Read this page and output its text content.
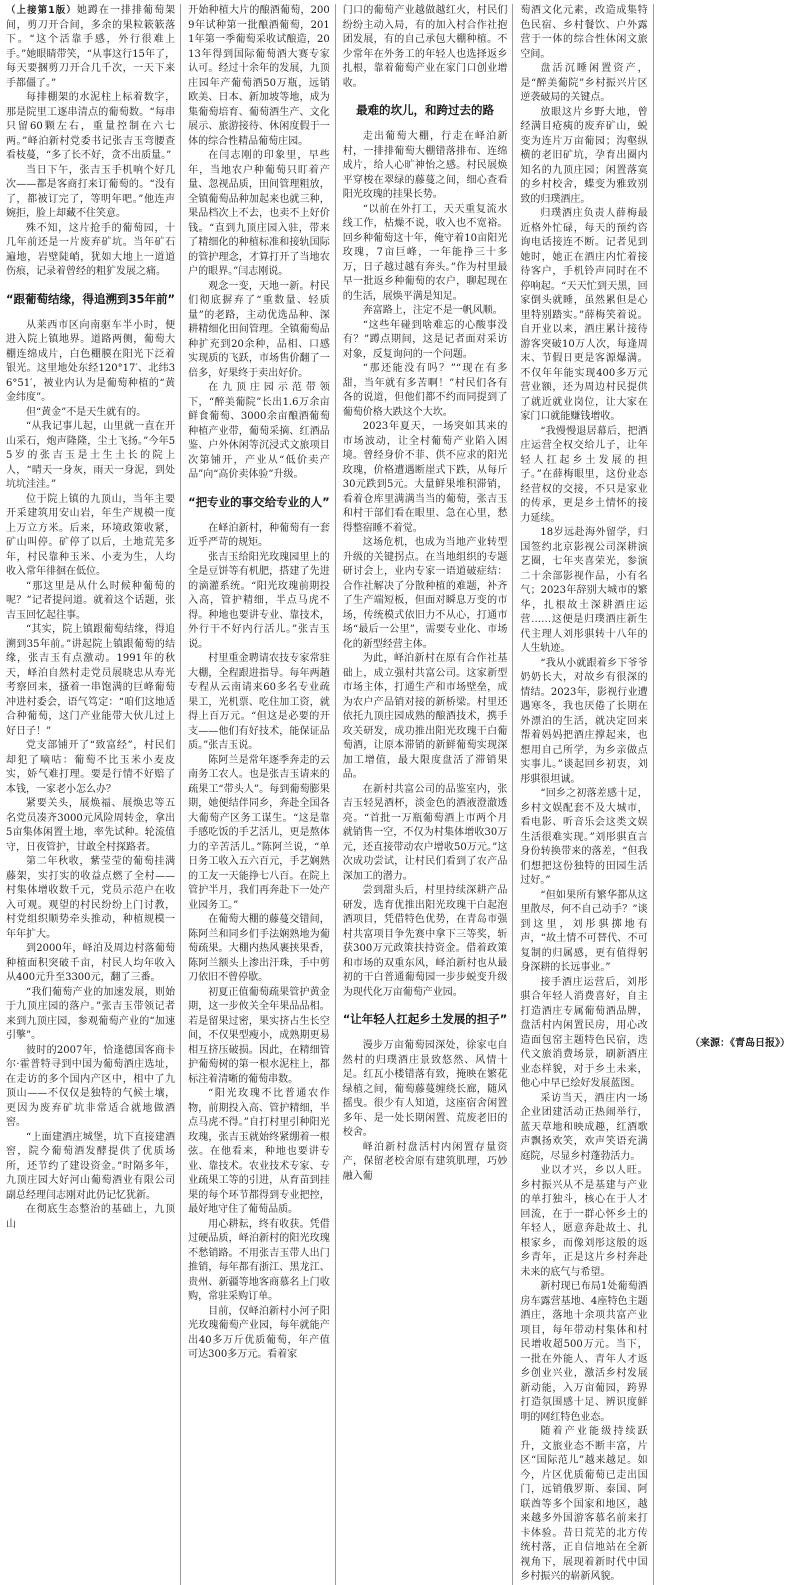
（上接第1版）她蹲在一排排葡萄架间，剪刀开合间，多余的果粒簌簌落下。“这个活靠手感，外行很难上手。”她眼睛带笑，“从事这行15年了，每天要捆剪刀开合几千次，一天下来手都僵了。”

每排棚架的水泥柱上标着数字，那是院里工逐串清点的葡萄数。“每串只留60颗左右，重量控制在六七两。”峄泊新村党委书记张吉玉弯腰查看枝蔓，“多了长不好，贪不出质量。”

当日下午，张吉玉手机响个好几次——都是客商打来订葡萄的。“没有了，都被订完了，等明年吧。”他连声婉拒，脸上却藏不住笑意。

殊不知，这片抢手的葡萄园，十几年前还是一片废弃矿坑。当年矿石遍地，岩壁陡峭，犹如大地上一道道伤痕，记录着曾经的粗犷发展之痛。

“跟葡萄结缘，得追溯到35年前”

从莱西市区向南驱车半小时，便进入院上镇地界。道路两侧，葡萄大棚连绵成片，白色棚膜在阳光下泛着银光。这里地处东经120°17′、北纬36°51′，被业内认为是葡萄种植的“黄金纬度”。

但“黄金”不是天生就有的。

“从我记事儿起，山里就一直在开山采石，炮声隆隆，尘土飞扬。”今年55岁的张吉玉是土生土长的院上人，“晴天一身灰，雨天一身泥，到处坑坑洼洼。”

位于院上镇的九顶山，当年主要开采建筑用安山岩，年生产规模一度上万立方米。后来，环境政策收紧，矿山叫停。矿停了以后，土地荒芜多年，村民靠种玉米、小麦为生，人均收入常年徘徊在低位。

“那这里是从什么时候种葡萄的呢？”记者提问道。就着这个话题，张吉玉回忆起往事。

“其实，院上镇跟葡萄结缘，得追溯到35年前。”讲起院上镇跟葡萄的结缘，张吉玉有点激动。1991年的秋天，峄泊自然村走党员展晓忠从寿光考察回来，搔着一串饱满的巨峰葡萄冲进村委会，语气笃定：“咱们这地适合种葡萄，这门产业能带大伙儿过上好日子！”

党支部铺开了“致富经”，村民们却犯了嘀咕：葡萄不比玉米小麦皮实，娇气难打理。要是行情不好赔了本钱，一家老小怎么办？

紧要关头，展焕福、展焕忠等五名党员凑齐3000元风险周转金，拿出5亩集体闲置土地，率先试种。轮流值守，日夜管护，甘敢全村探路者。

第二年秋收，紫莹莹的葡萄挂满藤架，实打实的收益点燃了全村——村集体增收数千元，党员示范户在收入可观。观望的村民纷纷上门讨教，村党组织顺势牵头推动，种植规模一年年扩大。

到2000年，峄泊及周边村落葡萄种植面积突破千亩，村民人均年收入从400元升至3300元，翻了三番。

“我们葡萄产业的加速发展，则始于九顶庄园的落户。”张吉玉带领记者来到九顶庄园，参观葡萄产业的“加速引擎”。

彼时的2007年，恰逢德国客商卡尔·霍普特寻到中国为葡萄酒庄选址，在走访的多个国内产区中，相中了九顶山——不仅仅是独特的气候土壤，更因为废弃矿坑非常适合就地做酒窖。

“上面建酒庄城堡，坑下直接建酒窖，院今葡萄酒发酵提供了优质场所，还节约了建设资金。”时隔多年，九顶庄园大好河山葡萄酒业有限公司副总经理闫志刚对此仍记忆犹新。

在彻底生态整治的基础上，九顶山

开始种植大片的酿酒葡萄，2009年试种第一批酿酒葡萄，2011年第一季葡萄采收试酿造，2013年得到国际葡萄酒大赛专家认可。经过十余年的发展，九顶庄园年产葡萄酒50万瓶，远销欧美、日本、新加坡等地，成为集葡萄培育、葡萄酒生产、文化展示、旅游接待、休闲度假于一体的综合性精品葡萄庄园。

在闫志刚的印象里，早些年，当地农户种葡萄只盯着产量、忽视品质，田间管理粗放，全镇葡萄品种加起来也就三种，果品档次上不去，也卖不上好价钱。“直到九顶庄园入驻，带来了精细化的种植标准和接轨国际的管护理念，才算打开了当地农户的眼界。”闫志刚说。

观念一变，天地一新。村民们彻底摒弃了“重数量、轻质量”的老路，主动优选品种、深耕精细化田间管理。全镇葡萄品种扩充到20余种，品相、口感实现质的飞跃，市场售价翻了一倍多，好果终于卖出好价。

在九顶庄园示范带领下，“醉美葡院”长出1.6万余亩鲜食葡萄、3000余亩酿酒葡萄种植产业带，葡萄采摘、红酒品鉴、户外休闲等沉浸式文旅项目次第铺开，产业从“低价卖产品”向“高价卖体验”升级。

“把专业的事交给专业的人”

在峄泊新村，种葡萄有一套近乎严苛的规矩。

张吉玉给阳光玫瑰园里上的全是豆饼等有机肥，搭建了先进的滴灌系统。“阳光玫瑰前期投入高，管护精细，半点马虎不得。种地也要讲专业、靠技术，外行干不好内行活儿。”张吉玉说。

村里重金聘请农技专家常驻大棚，全程跟进指导。每年两趟专程从云南请来60多名专业疏果工，光机票、吃住加工资，就得上百万元。“但这是必要的开支——他们有好技术，能保证品质。”张吉玉说。

陈阿兰是常年逐季奔走的云南务工农人。也是张吉玉请来的疏果工“带头人”。每到葡萄膨果期，她便结伴同乡，奔赴全国各大葡萄产区务工谋生。“这是靠手感吃饭的手艺活儿，更是熬体力的辛苦活儿。”陈阿兰说，“单日务工收入五六百元，手艺娴熟的工友一天能挣七八百。在院上管护半月，我们再奔赴下一处产业园务工。”

在葡萄大棚的藤蔓交错间，陈阿兰和同乡们手法娴熟地为葡萄疏果。大棚内热风裹挟果香，陈阿兰额头上渗出汗珠，手中剪刀依旧不曾停歇。

初夏正值葡萄疏果管护黄金期，这一步攸关全年果品品相。若是留果过密，果实挤占生长空间，不仅果型瘦小，成熟期更易相互挤压破损。因此，在精细管护葡萄树的第一根水泥柱上，都标注着清晰的葡萄串数。

“阳光玫瑰不比普通农作物，前期投入高、管护精细，半点马虎不得。”自打村里引种阳光玫瑰，张吉玉就始终紧绷着一根弦。在他看来，种地也要讲专业、靠技术。农业技术专家、专业疏果工等的引进，从育苗到挂果的每个环节都得到专业把控，最好地守住了葡萄品质。

用心耕耘，终有收获。凭借过硬品质，峄泊新村的阳光玫瑰不愁销路。不用张吉玉带人出门推销，每年都有浙江、黑龙江、贵州、新疆等地客商慕名上门收购，常驻采购订单。

目前，仅峄泊新村小河子阳光玫瑰葡萄产业园，每年就能产出40多万斤优质葡萄，年产值可达300多万元。看着家

门口的葡萄产业越做越红火，村民们纷纷主动入局，有的加入村合作社抱团发展，有的自己承包大棚种植。不少常年在外务工的年轻人也选择返乡扎根，靠着葡萄产业在家门口创业增收。

最难的坎儿，和跨过去的路

走出葡萄大棚，行走在峄泊新村，一排排葡萄大棚错落排布、连绵成片，给人心旷神怡之感。村民展焕平穿梭在翠绿的藤蔓之间，细心查看阳光玫瑰的挂果长势。

“以前在外打工，天天重复流水线工作，枯燥不说，收入也不宽裕。回乡种葡萄这十年，俺守着10亩阳光玫瑰，7亩巨峰，一年能挣三十多万，日子越过越有奔头。”作为村里最早一批返乡种葡萄的农户，聊起现在的生活，展焕平满是知足。

奔富路上，注定不是一帆风顺。

“这些年碰到啥难忘的心酸事没有？”蹲点期间，这是记者面对采访对象，反复询问的一个问题。

“那还能没有吗？”“现在有多甜，当年就有多苦啊！”村民们各有各的说道，但他们都不约而同提到了葡萄价格大跌这个大坎。

2023年夏天，一场突如其来的市场波动，让全村葡萄产业陷入困境。曾经身价不菲、供不应求的阳光玫瑰，价格遭遇断崖式下跌，从每斤30元跌到5元。大量鲜果堆积滞销，看着仓库里满满当当的葡萄，张吉玉和村干部们看在眼里、急在心里，愁得整宿睡不着觉。

这场危机，也成为当地产业转型升级的关键拐点。在当地组织的专题研讨会上，业内专家一语道破症结：合作社解决了分散种植的难题，补齐了生产端短板，但面对瞬息万变的市场，传统模式依旧力不从心，打通市场“最后一公里”，需要专业化、市场化的新型经营主体。

为此，峄泊新村在原有合作社基础上，成立强村共富公司。这家新型市场主体，打通生产和市场壁垒，成为农户产品销对接的新桥梁。村里还依托九顶庄园成熟的酿酒技术，携手攻关研发，成功推出阳光玫瑰干白葡萄酒，让原本滞销的新鲜葡萄实现深加工增值，最大限度盘活了滞销果品。

在新村共富公司的品鉴室内，张吉玉轻晃酒杯，淡金色的酒液澄澈透亮。“首批一万瓶葡萄酒上市两个月就销售一空，不仅为村集体增收30万元，还直接带动农户增收50万元。”这次成功尝试，让村民们看到了农产品深加工的潜力。

尝到甜头后，村里持续深耕产品研发，选育优推出阳光玫瑰干白起泡酒项目，凭借特色优势，在青岛市强村共富项目争先赛中拿下三等奖，斩获300万元政策扶持资金。借着政策和市场的双重东风，峄泊新村也从最初的干白普通葡萄园一步步蜕变升级为现代化万亩葡萄产业园。

“让年轻人扛起乡土发展的担子”

漫步万亩葡萄园深处，徐家屯自然村的归璞酒庄景致悠然、风情十足。红瓦小楼错落有致，掩映在繁花绿植之间，葡萄藤蔓缠绕长廊，随风摇曳。很少有人知道，这座宿舍闲置多年、是一处长期闲置、荒废老旧的校舍。

峄泊新村盘活村内闲置存量资产，保留老校舍原有建筑肌理，巧妙融入葡

萄酒文化元素，改造成集特色民宿、乡村餐饮、户外露营于一体的综合性休闲文旅空间。

盘活沉睡闲置资产，是“醉美葡院”乡村振兴片区逆袭破局的关键点。

放眼这片乡野大地，曾经满目疮痍的废弃矿山，蜕变为连片万亩葡园；沟壑纵横的老旧矿坑，孕育出圈内知名的九顶庄园；闲置落寞的乡村校舍，蝶变为雅致别致的归璞酒庄。

归璞酒庄负责人薛梅最近格外忙碌，每天的预约咨询电话接连不断。记者见到她时，她正在酒庄内忙着接待客户，手机铃声同时在不停响起。“天天忙到天黑，回家倒头就睡，虽然累但是心里特别踏实。”薛梅笑着说。自开业以来，酒庄累计接待游客突破10万人次，每逢周末、节假日更是客源爆满。不仅年年能实现400多万元营业额，还为周边村民提供了就近就业岗位，让大家在家门口就能赚钱增收。

“我慢慢退居幕后，把酒庄运营全权交给儿子，让年轻人扛起乡土发展的担子。”在薛梅眼里，这份业态经营权的交接，不只是家业的传承，更是乡土情怀的接力延续。

18岁远赴海外留学，归国签约北京影视公司深耕演艺圈，七年夹喜荣光，参演二十余部影视作品，小有名气；2023年辞别大城市的繁华，扎根故土深耕酒庄运营……这便是归璞酒庄新生代主理人刘彤骐转十八年的人生轨迹。

“我从小就跟着乡下爷爷奶奶长大，对故乡有很深的情结。2023年，影视行业遭遇寒冬，我也厌倦了长期在外漂泊的生活，就决定回来帮着妈妈把酒庄撑起来，也想用自己所学，为乡亲做点实事儿。”谈起回乡初衷，刘彤骐很坦诚。

“回乡之初落差感十足，乡村文娱配套不及大城市，看电影、听音乐会这类文娱生活很难实现。”刘彤骐直言身份转换带来的落差，“但我们想把这份独特的田园生活过好。”

“但如果所有繁华都从这里散尽，何不自己动手？”谈到这里，刘彤骐掷地有声，“故土情不可替代、不可复制的归属感，更有值得躬身深耕的长远事业。”

接手酒庄运营后，刘彤骐合年轻人消费喜好，自主打造酒庄专属葡萄酒品牌，盘活村内闲置民房，用心改造面包窑主题特色民宿，迭代文旅消费场景，刷新酒庄业态样貌，对于乡土未来，他心中早已绘好发展蓝图。

采访当天，酒庄内一场企业团建活动正热闹举行，蓝天草地和映成趣，红酒歌声飘扬欢笑，欢声笑语充满庭院，尽显乡村蓬勃活力。

业以才兴，乡以人旺。乡村振兴从不是基建与产业的单打独斗，核心在于人才回流，在于一群心怀乡土的年轻人，愿意奔赴故土、扎根家乡，而像刘彤这般的返乡青年，正是这片乡村奔赴未来的底气与希望。

新村现已布局1处葡萄酒房车露营基地、4座特色主题酒庄，落地十余项共富产业项目，每年带动村集体和村民增收超500万元。当下，一批在外能人、青年人才返乡创业兴业，激活乡村发展新动能，入万亩葡园，跨界打造氛围感十足、辨识度鲜明的网红特色业态。

随着产业能级持续跃升，文旅业态不断丰富，片区“国际范儿”越来越足。如今，片区优质葡萄已走出国门，远销俄罗斯、泰国、阿联酋等多个国家和地区，越来越多外国游客慕名前来打卡体验。昔日荒芜的北方传统村落，正自信地站在全新视角下，展现着新时代中国乡村振兴的崭新风貌。

（来源：《青岛日报》）
